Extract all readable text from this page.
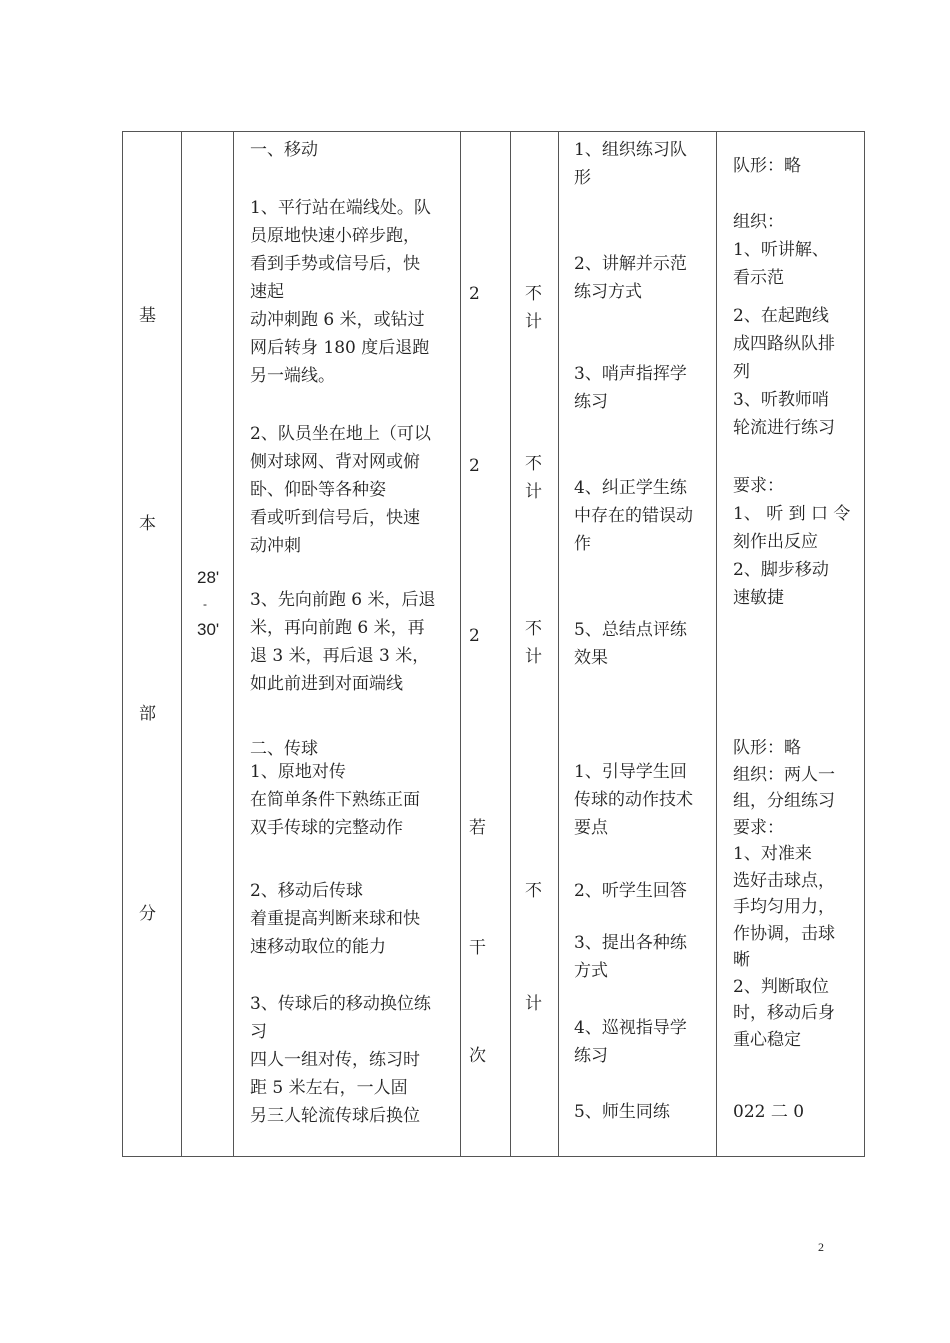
基
本
部
分
28'
-
30'
一、移动
1、平行站在端线处。队
员原地快速小碎步跑，
看到手势或信号后，快
速起
动冲刺跑 6 米，或钻过
网后转身 180 度后退跑
另一端线。
2、队员坐在地上（可以
侧对球网、背对网或俯
卧、仰卧等各种姿
看或听到信号后，快速
动冲刺
3、先向前跑 6 米，后退
米，再向前跑 6 米，再
退 3 米，再后退 3 米，
如此前进到对面端线
二、传球
1、原地对传
在简单条件下熟练正面
双手传球的完整动作
2、移动后传球
着重提高判断来球和快
速移动取位的能力
3、传球后的移动换位练
习
四人一组对传，练习时
距 5 米左右，一人固
另三人轮流传球后换位
2
2
2
若
干
次
不
计
不
计
不
计
不
计
1、组织练习队
形
2、讲解并示范
练习方式
3、哨声指挥学
练习
4、纠正学生练
中存在的错误动
作
5、总结点评练
效果
1、引导学生回
传球的动作技术
要点
2、听学生回答
3、提出各种练
方式
4、巡视指导学
练习
5、师生同练
队形：略
组织：
1、听讲解、
看示范
2、在起跑线
成四路纵队排
列
3、听教师哨
轮流进行练习
要求：
1、 听 到 口 令
刻作出反应
2、脚步移动
速敏捷
队形：略
组织：两人一
组，分组练习
要求：
1、对准来
选好击球点，
手均匀用力，
作协调，击球
晰
2、判断取位
时，移动后身
重心稳定
022 二 0
2
